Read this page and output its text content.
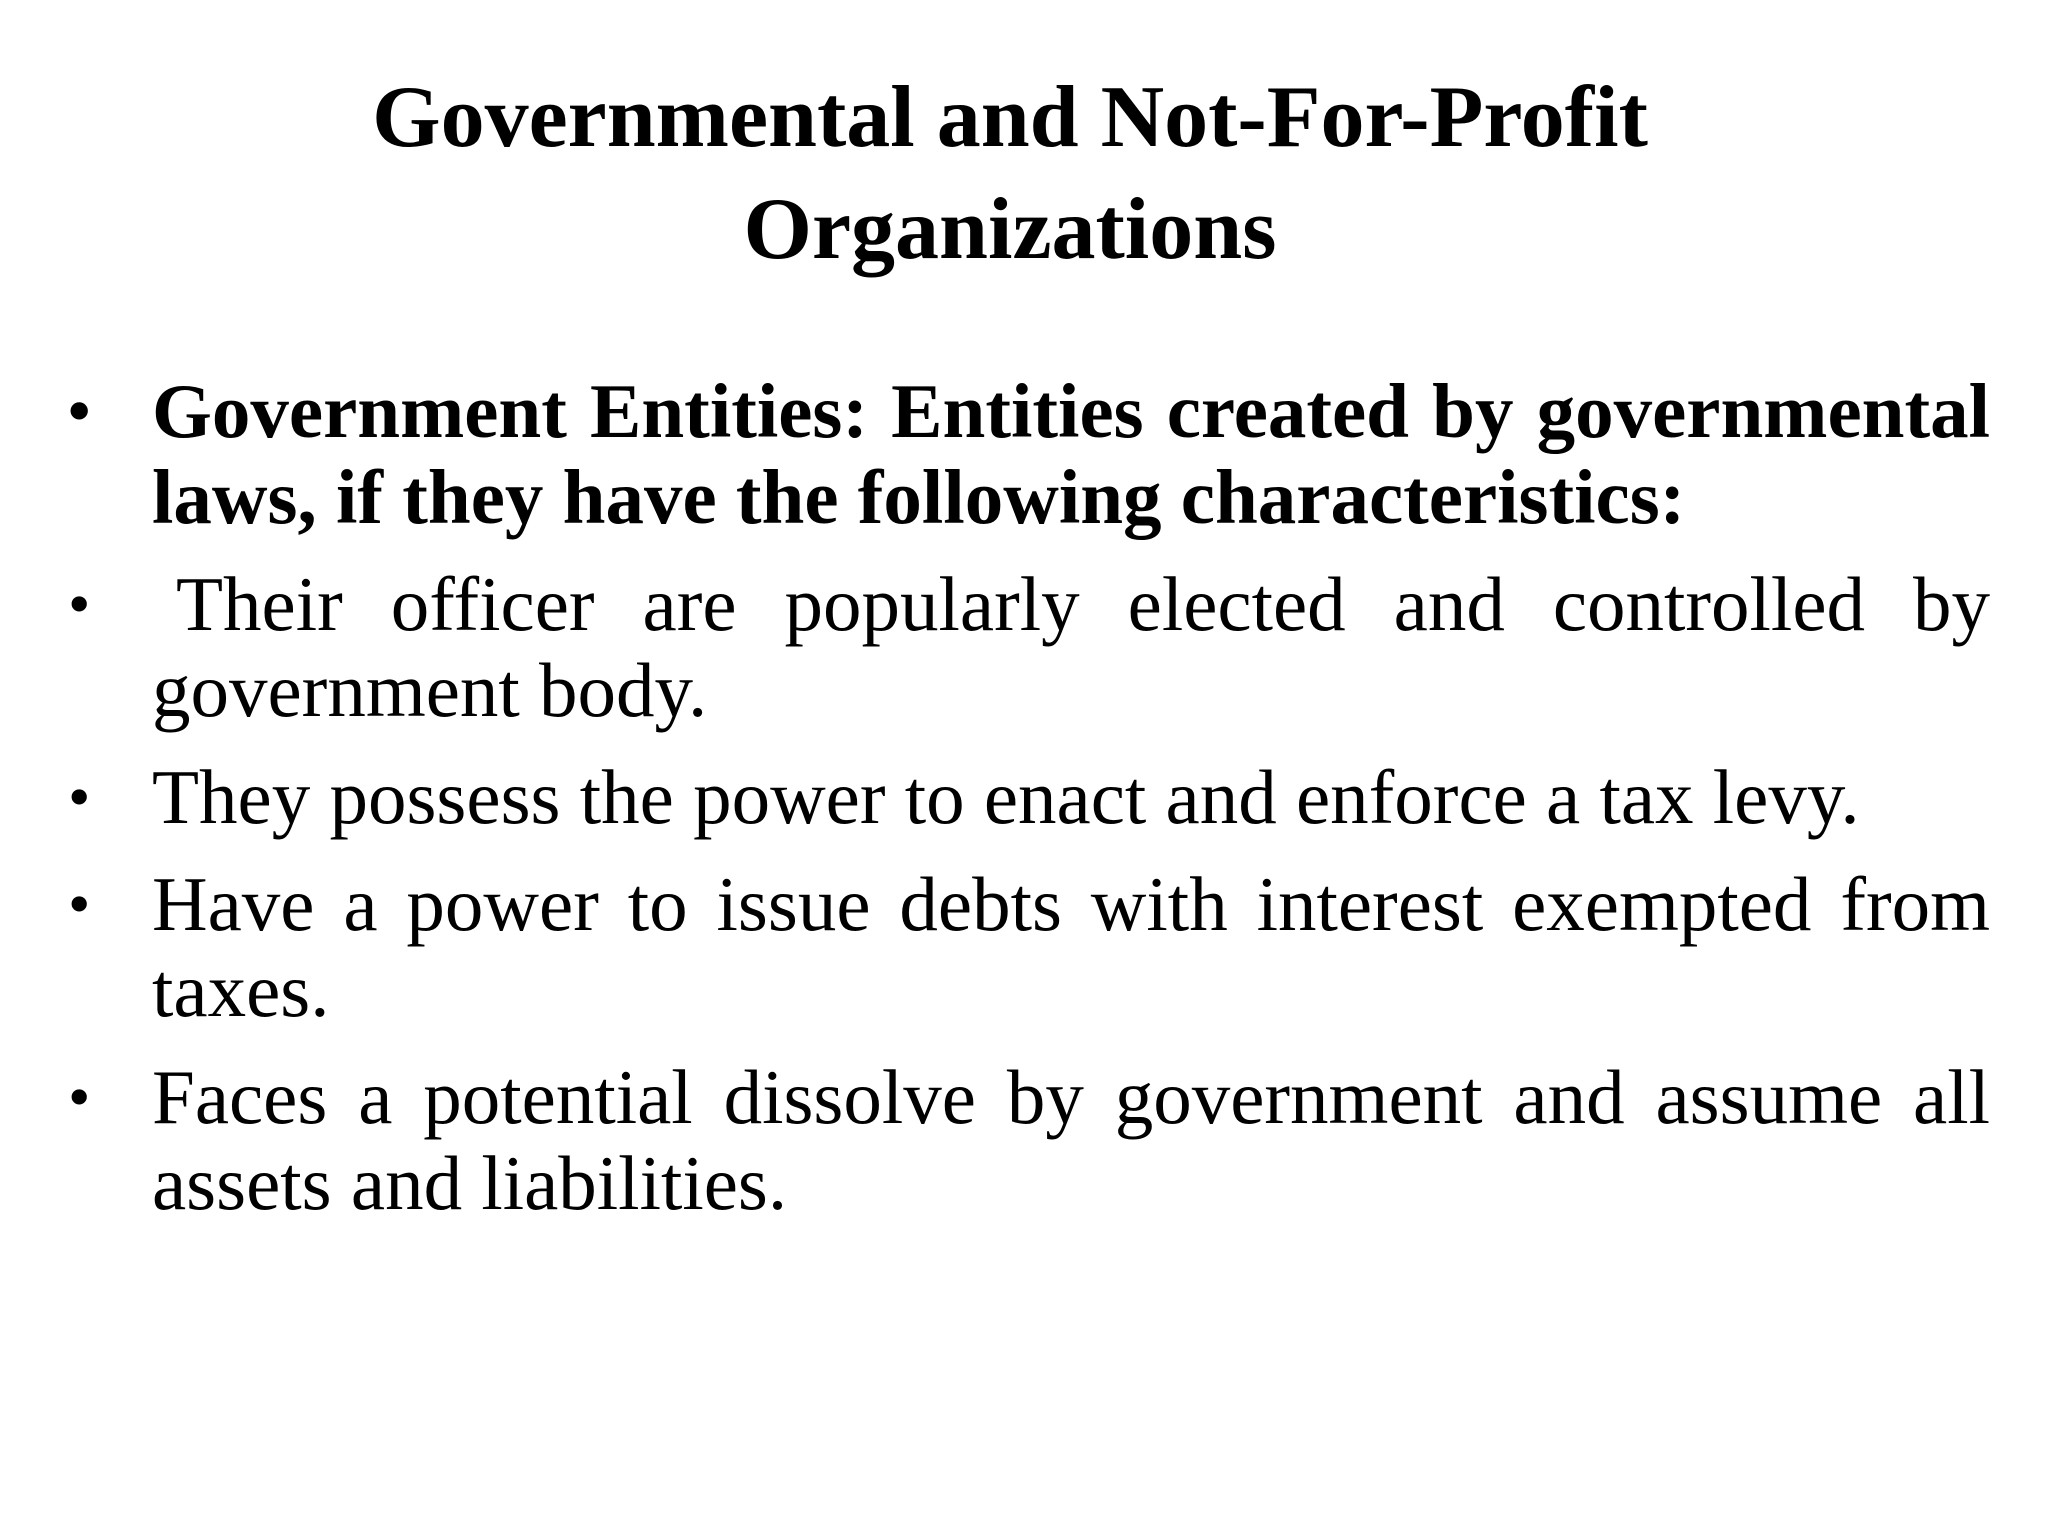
Governmental and Not-For-Profit
Organizations
• Government Entities: Entities created by governmental laws, if they have the following characteristics:
• Their officer are popularly elected and controlled by government body.
• They possess the power to enact and enforce a tax levy.
• Have a power to issue debts with interest exempted from taxes.
• Faces a potential dissolve by government and assume all assets and liabilities.
